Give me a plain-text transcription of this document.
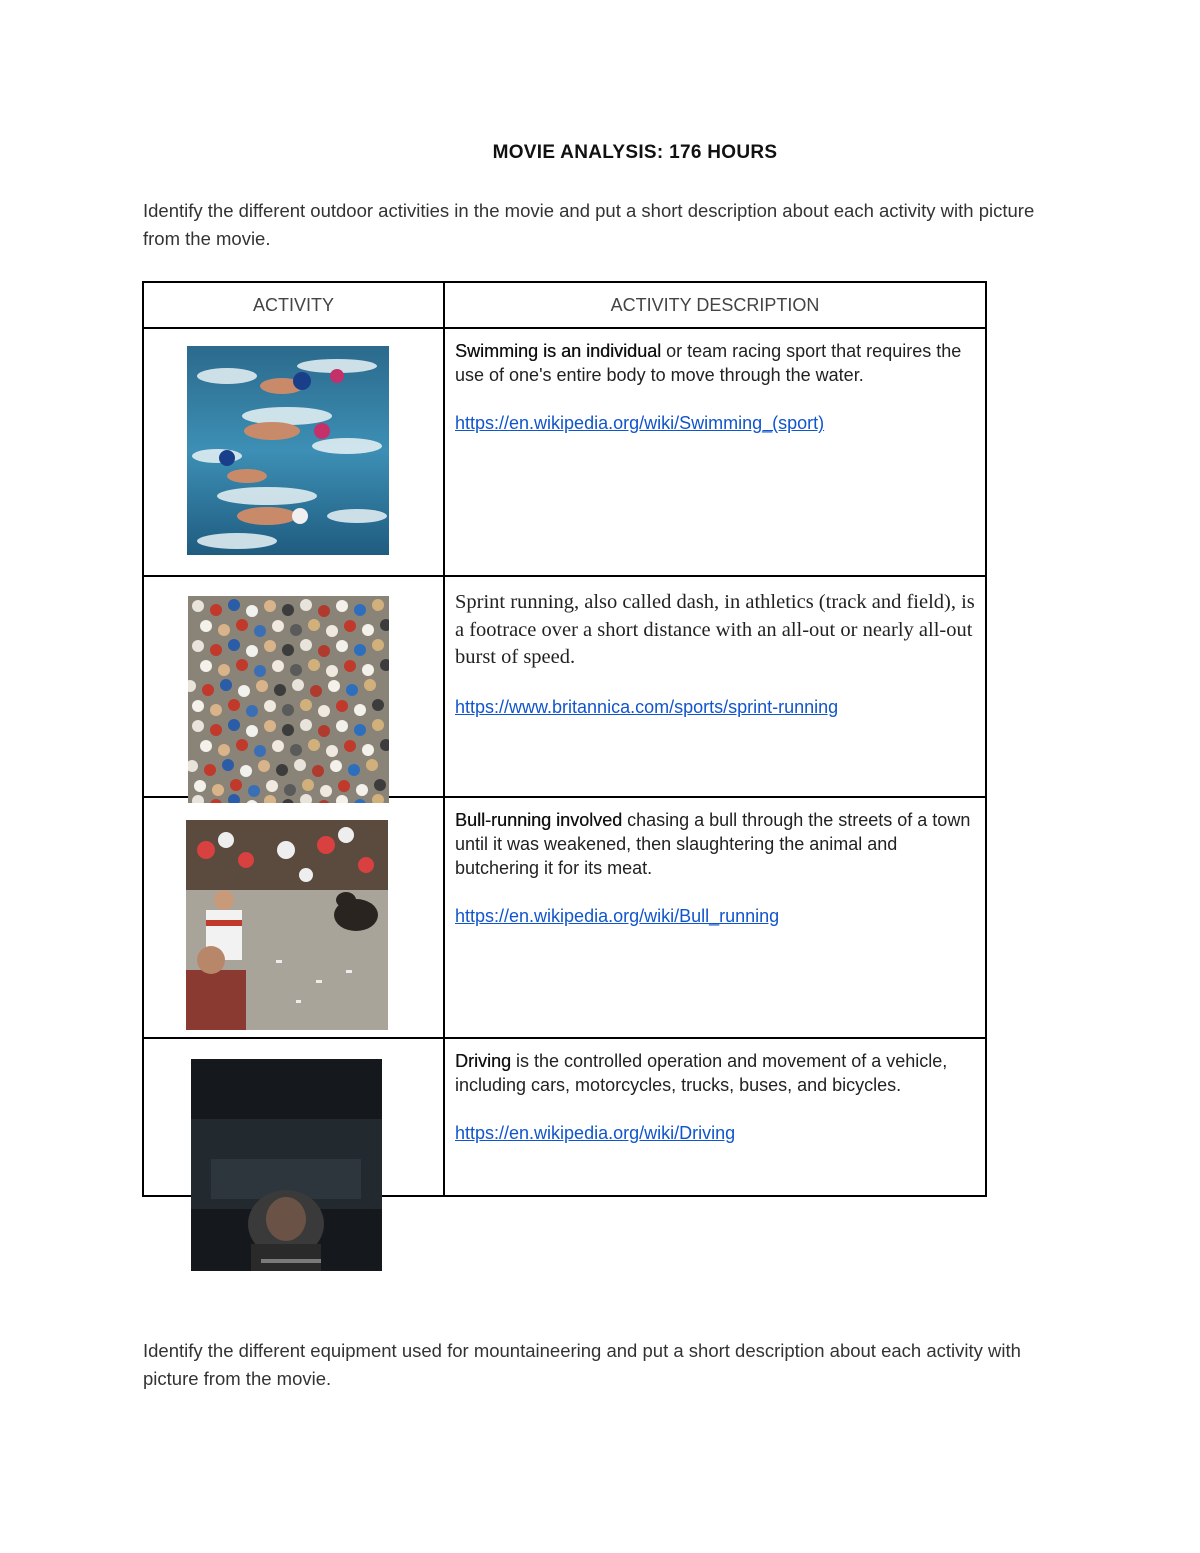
MOVIE ANALYSIS: 176 HOURS
Identify the different outdoor activities in the movie and put a short description about each activity with picture from the movie.
ACTIVITY	ACTIVITY DESCRIPTION

Swimming is an individual or team racing sport that requires the use of one's entire body to move through the water.

https://en.wikipedia.org/wiki/Swimming_(sport)

Sprint running, also called dash, in athletics (track and field), is a footrace over a short distance with an all-out or nearly all-out burst of speed.

https://www.britannica.com/sports/sprint-running

Bull-running involved chasing a bull through the streets of a town until it was weakened, then slaughtering the animal and butchering it for its meat.

https://en.wikipedia.org/wiki/Bull_running

Driving is the controlled operation and movement of a vehicle, including cars, motorcycles, trucks, buses, and bicycles.

https://en.wikipedia.org/wiki/Driving

Identify the different equipment used for mountaineering and put a short description about each activity with picture from the movie.
